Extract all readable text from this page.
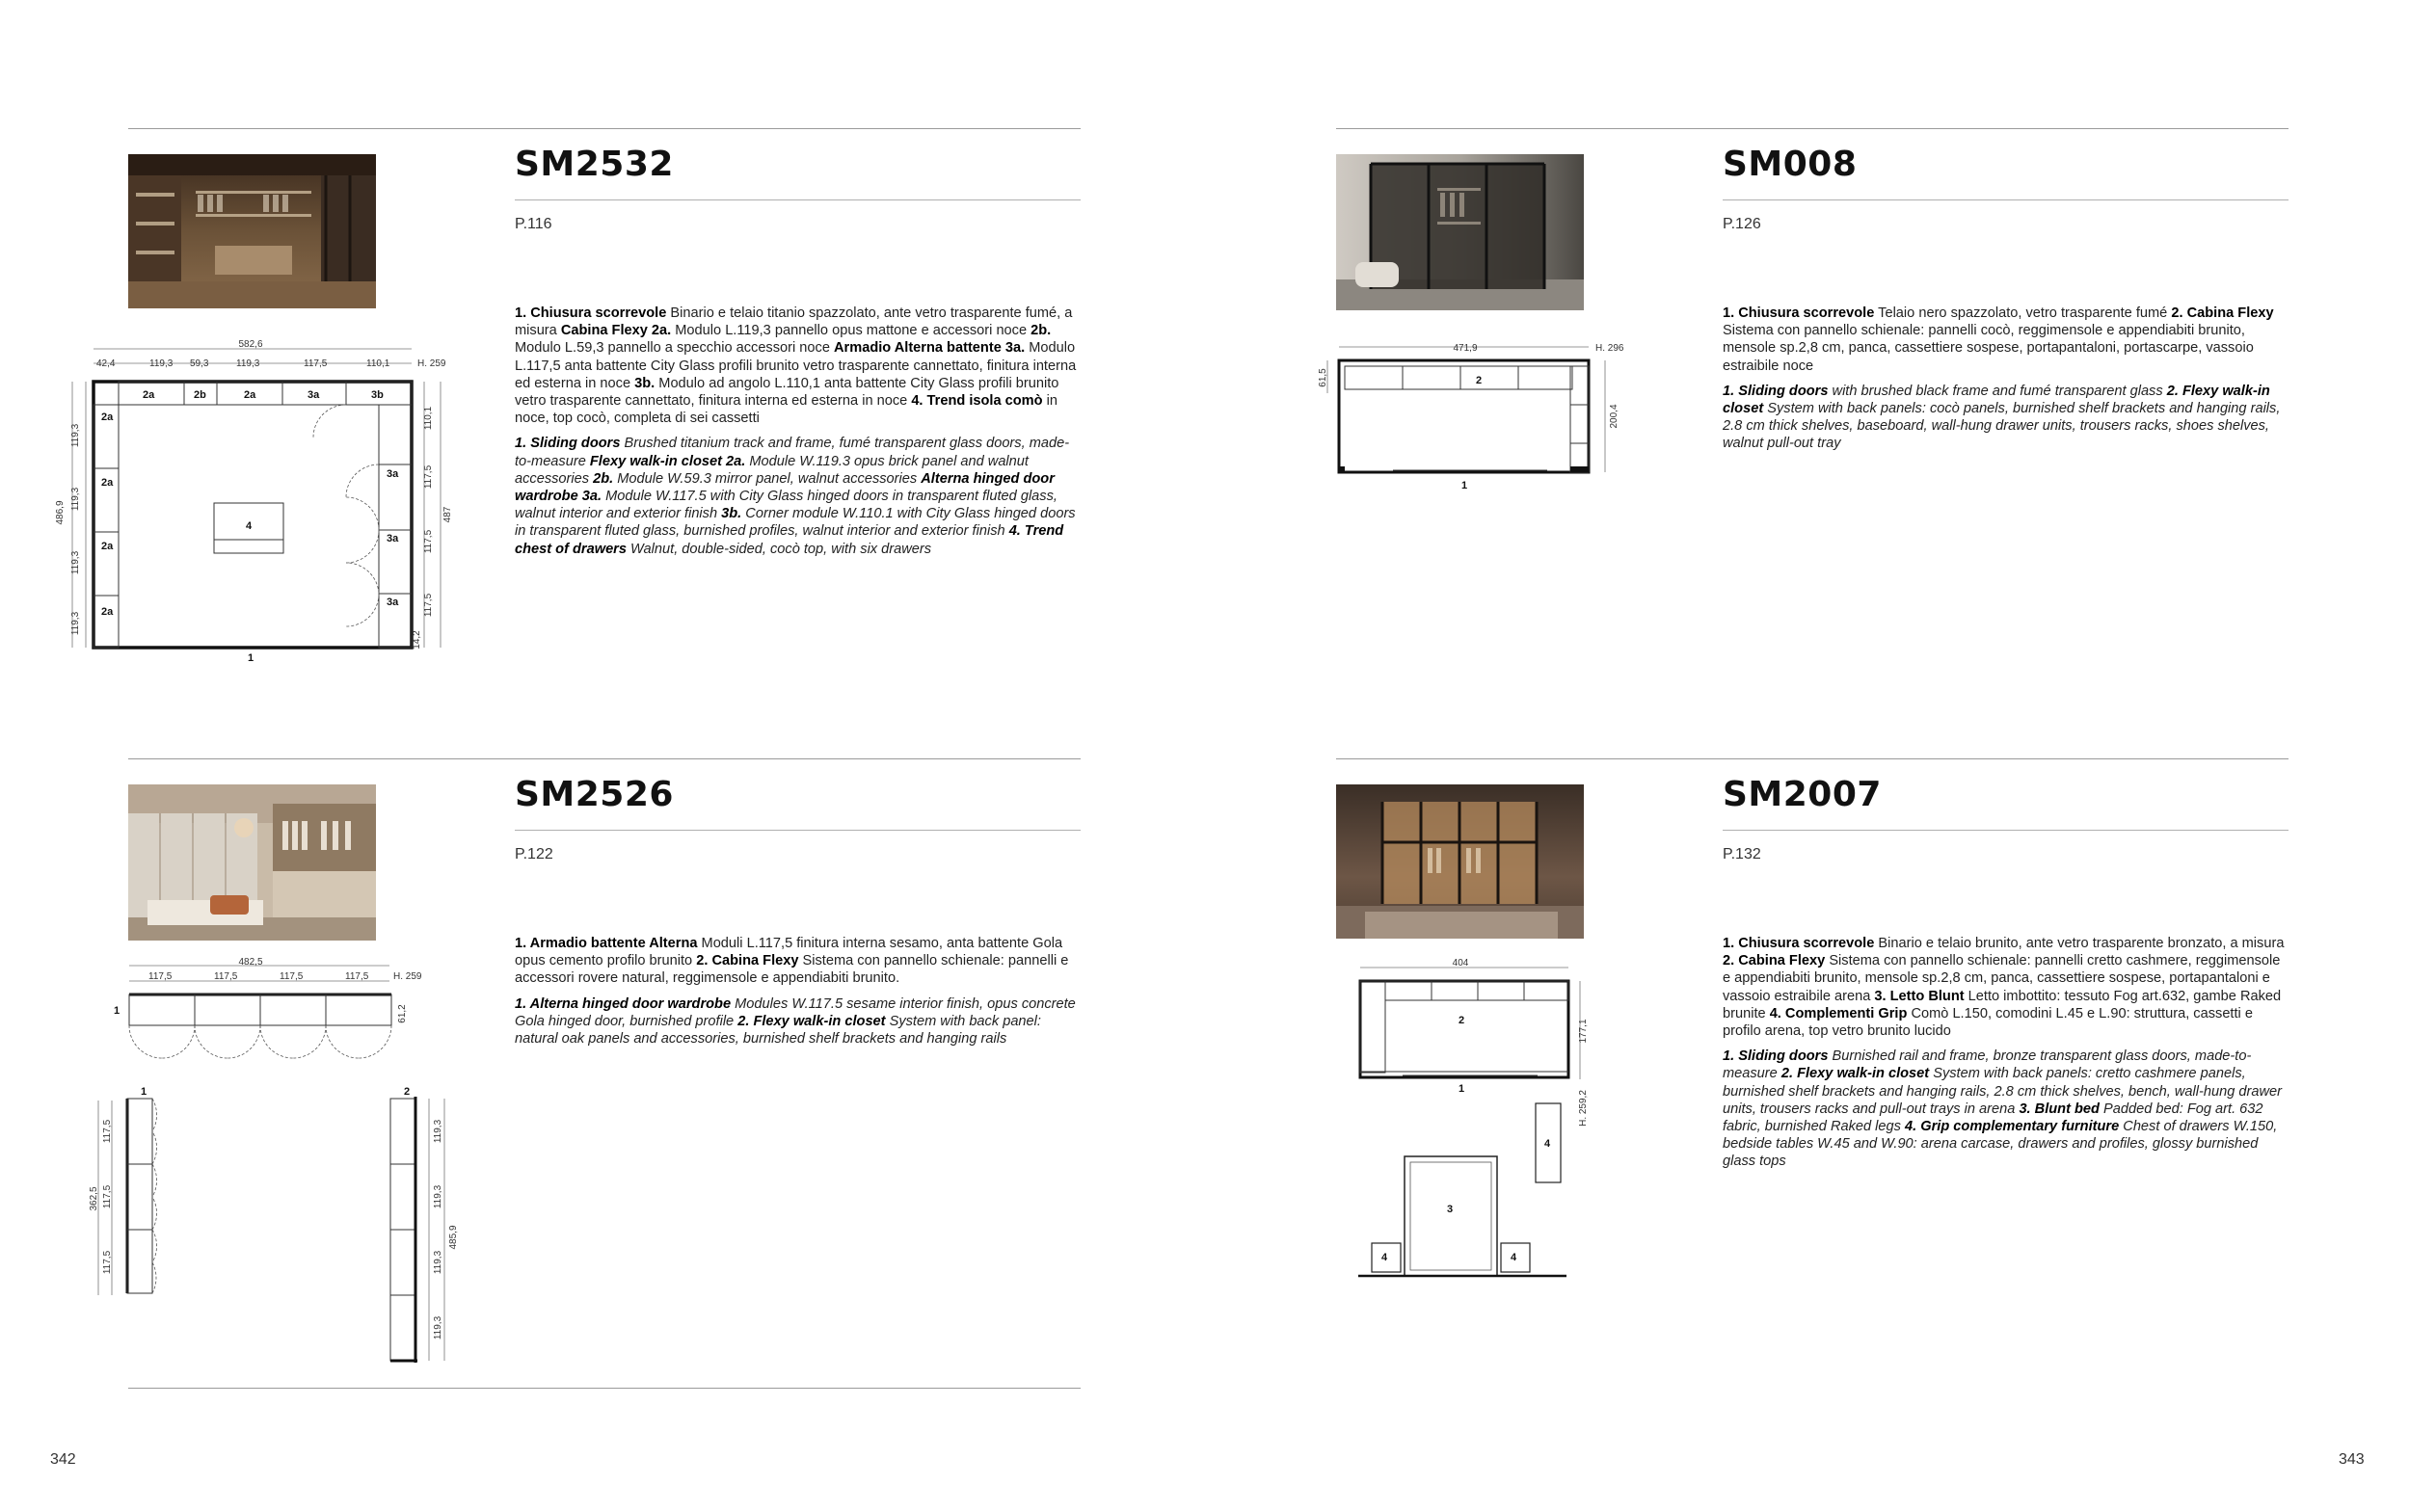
SM2532
P.116

1. Chiusura scorrevole Binario e telaio titanio spazzolato, ante vetro trasparente fumé, a misura Cabina Flexy 2a. Modulo L.119,3 pannello opus mattone e accessori noce 2b. Modulo L.59,3 pannello a specchio accessori noce Armadio Alterna battente 3a. Modulo L.117,5 anta battente City Glass profili brunito vetro trasparente cannettato, finitura interna ed esterna in noce 3b. Modulo ad angolo L.110,1 anta battente City Glass profili brunito vetro trasparente cannettato, finitura interna ed esterna in noce 4. Trend isola comò in noce, top cocò, completa di sei cassetti

1. Sliding doors Brushed titanium track and frame, fumé transparent glass doors, made-to-measure Flexy walk-in closet 2a. Module W.119.3 opus brick panel and walnut accessories 2b. Module W.59.3 mirror panel, walnut accessories Alterna hinged door wardrobe 3a. Module W.117.5 with City Glass hinged doors in transparent fluted glass, walnut interior and exterior finish 3b. Corner module W.110.1 with City Glass hinged doors in transparent fluted glass, burnished profiles, walnut interior and exterior finish 4. Trend chest of drawers Walnut, double-sided, cocò top, with six drawers

582,6
42,4	119,3 59,3	119,3	117,5	110,1	H. 259
2a	2b	2a	3a	3b
2a
2a
2a
2a
3a
3a
3a
4
1
486,9
119,3
119,3
119,3
119,3
110,1
117,5
117,5
117,5
14,2
487
SM008
P.126

1. Chiusura scorrevole Telaio nero spazzolato, vetro trasparente fumé 2. Cabina Flexy Sistema con pannello schienale: pannelli cocò, reggimensole e appendiabiti brunito, mensole sp.2,8 cm, panca, cassettiere sospese, portapantaloni, portascarpe, vassoio estraibile noce

1. Sliding doors with brushed black frame and fumé transparent glass 2. Flexy walk-in closet System with back panels: cocò panels, burnished shelf brackets and hanging rails, 2.8 cm thick shelves, baseboard, wall-hung drawer units, trousers racks, shoes shelves, walnut pull-out tray

471,9	H. 296
61,5
200,4
2
1
SM2526
P.122

1. Armadio battente Alterna Moduli L.117,5 finitura interna sesamo, anta battente Gola opus cemento profilo brunito 2. Cabina Flexy Sistema con pannello schienale: pannelli e accessori rovere natural, reggimensole e appendiabiti brunito.

1. Alterna hinged door wardrobe Modules W.117.5 sesame interior finish, opus concrete Gola hinged door, burnished profile 2. Flexy walk-in closet System with back panel: natural oak panels and accessories, burnished shelf brackets and hanging rails

482,5
117,5	117,5	117,5	117,5	H. 259
61,2
1
362,5
117,5
117,5
117,5
1
119,3
119,3
119,3
119,3
485,9
2
SM2007
P.132

1. Chiusura scorrevole Binario e telaio brunito, ante vetro trasparente bronzato, a misura 2. Cabina Flexy Sistema con pannello schienale: pannelli cretto cashmere, reggimensole e appendiabiti brunito, mensole sp.2,8 cm, panca, cassettiere sospese, portapantaloni e vassoio estraibile arena 3. Letto Blunt Letto imbottito: tessuto Fog art.632, gambe Raked brunite 4. Complementi Grip Comò L.150, comodini L.45 e L.90: struttura, cassetti e profilo arena, top vetro brunito lucido

1. Sliding doors Burnished rail and frame, bronze transparent glass doors, made-to-measure 2. Flexy walk-in closet System with back panels: cretto cashmere panels, burnished shelf brackets and hanging rails, 2.8 cm thick shelves, bench, wall-hung drawer units, trousers racks and pull-out trays in arena 3. Blunt bed Padded bed: Fog art. 632 fabric, burnished Raked legs 4. Grip complementary furniture Chest of drawers W.150, bedside tables W.45 and W.90: arena carcase, drawers and profiles, glossy burnished glass tops

404
177,1
H. 259,2
2
1
4
3
4	4
342	343
